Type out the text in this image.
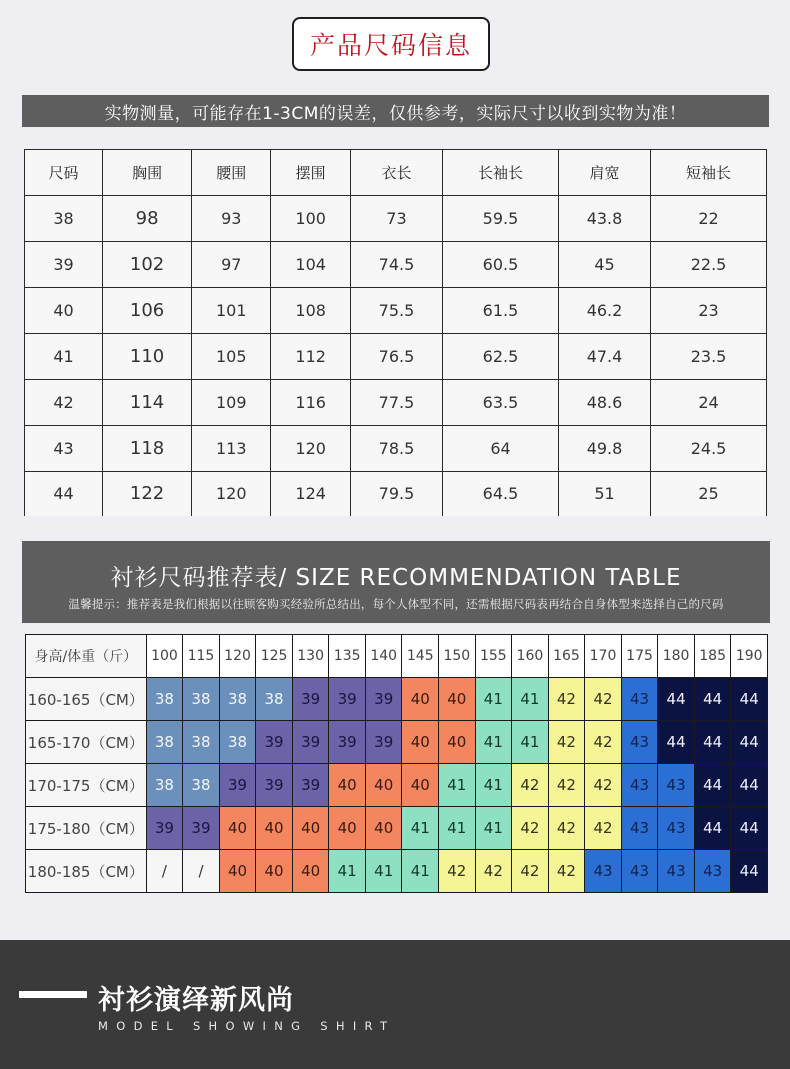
产品尺码信息
实物测量，可能存在1-3CM的误差，仅供参考，实际尺寸以收到实物为准！
尺码	胸围	腰围	摆围	衣长	长袖长	肩宽	短袖长
38	98	93	100	73	59.5	43.8	22
39	102	97	104	74.5	60.5	45	22.5
40	106	101	108	75.5	61.5	46.2	23
41	110	105	112	76.5	62.5	47.4	23.5
42	114	109	116	77.5	63.5	48.6	24
43	118	113	120	78.5	64	49.8	24.5
44	122	120	124	79.5	64.5	51	25
衬衫尺码推荐表/ SIZE RECOMMENDATION TABLE
温馨提示：推荐表是我们根据以往顾客购买经验所总结出，每个人体型不同，还需根据尺码表再结合自身体型来选择自己的尺码
身高/体重（斤）	100	115	120	125	130	135	140	145	150	155	160	165	170	175	180	185	190
160-165（CM）	38	38	38	38	39	39	39	40	40	41	41	42	42	43	44	44	44
165-170（CM）	38	38	38	39	39	39	39	40	40	41	41	42	42	43	44	44	44
170-175（CM）	38	38	39	39	39	40	40	40	41	41	42	42	42	43	43	44	44
175-180（CM）	39	39	40	40	40	40	40	41	41	41	42	42	42	43	43	44	44
180-185（CM）	/	/	40	40	40	41	41	41	42	42	42	42	43	43	43	43	44
衬衫演绎新风尚
MODEL SHOWING SHIRT
